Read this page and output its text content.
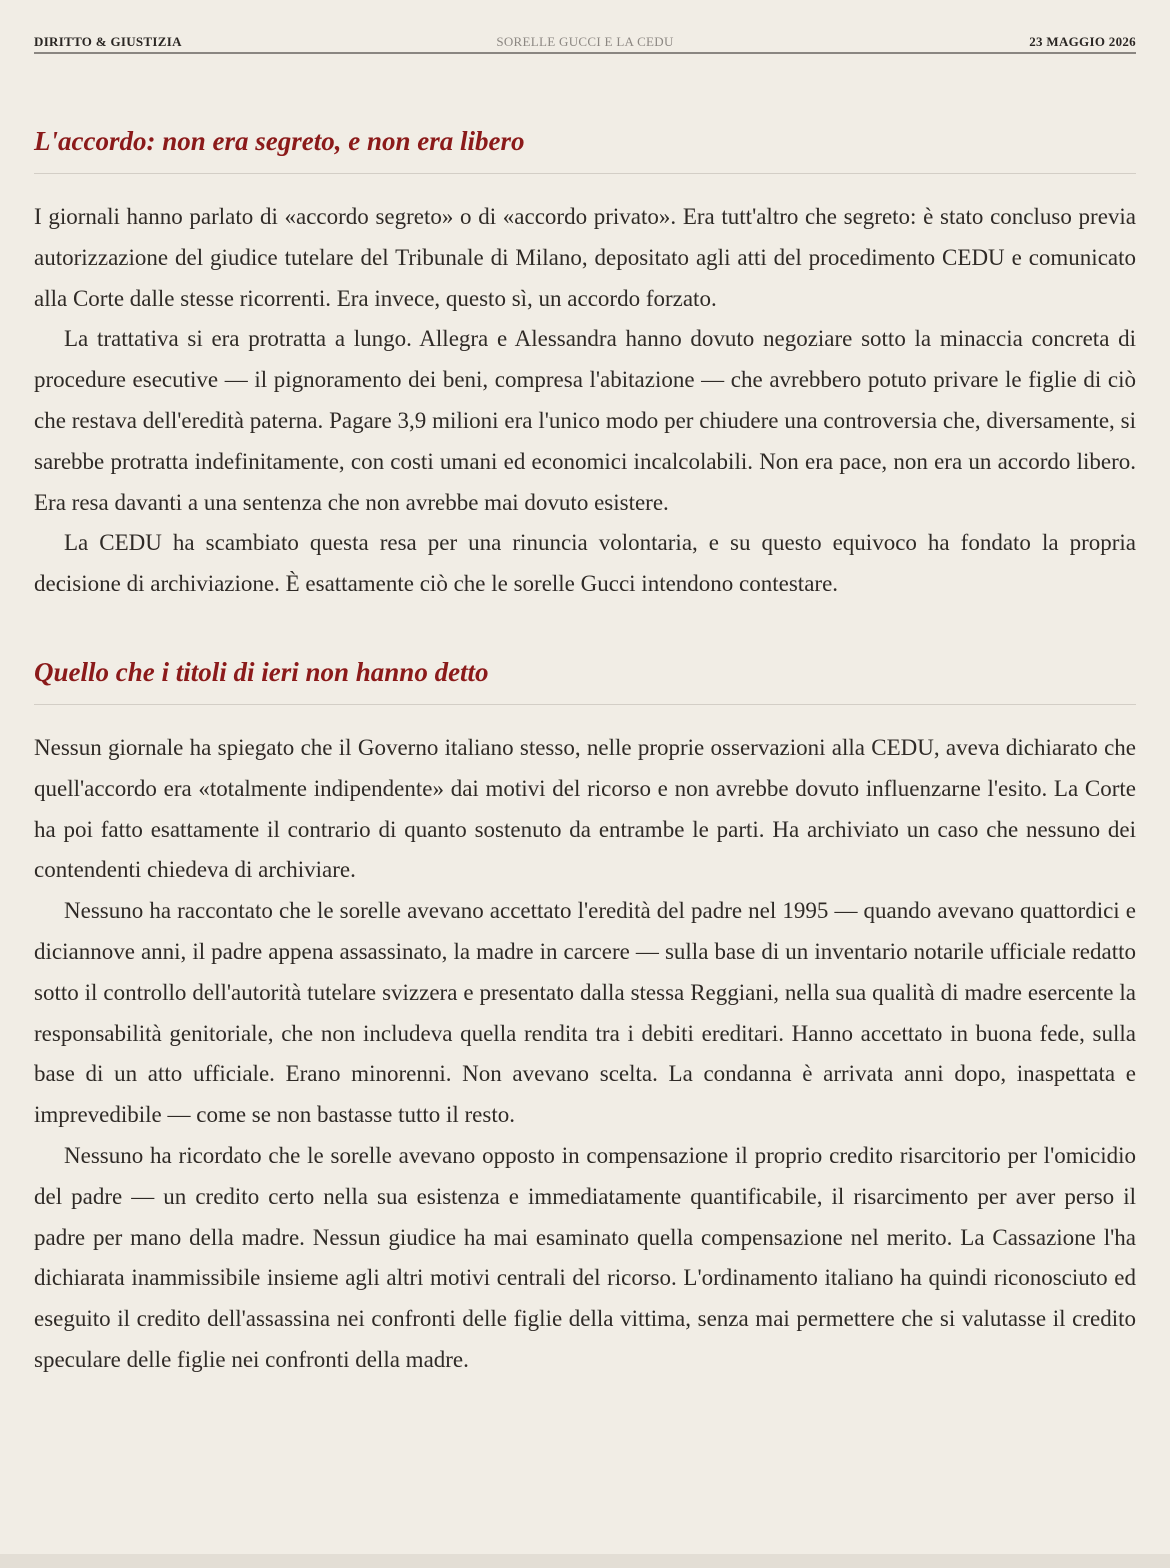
DIRITTO & GIUSTIZIA	SORELLE GUCCI E LA CEDU	23 MAGGIO 2026
L'accordo: non era segreto, e non era libero

I giornali hanno parlato di «accordo segreto» o di «accordo privato». Era tutt'altro che segreto: è stato concluso previa autorizzazione del giudice tutelare del Tribunale di Milano, depositato agli atti del procedimento CEDU e comunicato alla Corte dalle stesse ricorrenti. Era invece, questo sì, un accordo forzato.

La trattativa si era protratta a lungo. Allegra e Alessandra hanno dovuto negoziare sotto la minaccia concreta di procedure esecutive — il pignoramento dei beni, compresa l'abitazione — che avrebbero potuto privare le figlie di ciò che restava dell'eredità paterna. Pagare 3,9 milioni era l'unico modo per chiudere una controversia che, diversamente, si sarebbe protratta indefinitamente, con costi umani ed economici incalcolabili. Non era pace, non era un accordo libero. Era resa davanti a una sentenza che non avrebbe mai dovuto esistere.

La CEDU ha scambiato questa resa per una rinuncia volontaria, e su questo equivoco ha fondato la propria decisione di archiviazione. È esattamente ciò che le sorelle Gucci intendono contestare.

Quello che i titoli di ieri non hanno detto

Nessun giornale ha spiegato che il Governo italiano stesso, nelle proprie osservazioni alla CEDU, aveva dichiarato che quell'accordo era «totalmente indipendente» dai motivi del ricorso e non avrebbe dovuto influenzarne l'esito. La Corte ha poi fatto esattamente il contrario di quanto sostenuto da entrambe le parti. Ha archiviato un caso che nessuno dei contendenti chiedeva di archiviare.

Nessuno ha raccontato che le sorelle avevano accettato l'eredità del padre nel 1995 — quando avevano quattordici e diciannove anni, il padre appena assassinato, la madre in carcere — sulla base di un inventario notarile ufficiale redatto sotto il controllo dell'autorità tutelare svizzera e presentato dalla stessa Reggiani, nella sua qualità di madre esercente la responsabilità genitoriale, che non includeva quella rendita tra i debiti ereditari. Hanno accettato in buona fede, sulla base di un atto ufficiale. Erano minorenni. Non avevano scelta. La condanna è arrivata anni dopo, inaspettata e imprevedibile — come se non bastasse tutto il resto.

Nessuno ha ricordato che le sorelle avevano opposto in compensazione il proprio credito risarcitorio per l'omicidio del padre — un credito certo nella sua esistenza e immediatamente quantificabile, il risarcimento per aver perso il padre per mano della madre. Nessun giudice ha mai esaminato quella compensazione nel merito. La Cassazione l'ha dichiarata inammissibile insieme agli altri motivi centrali del ricorso. L'ordinamento italiano ha quindi riconosciuto ed eseguito il credito dell'assassina nei confronti delle figlie della vittima, senza mai permettere che si valutasse il credito speculare delle figlie nei confronti della madre.
